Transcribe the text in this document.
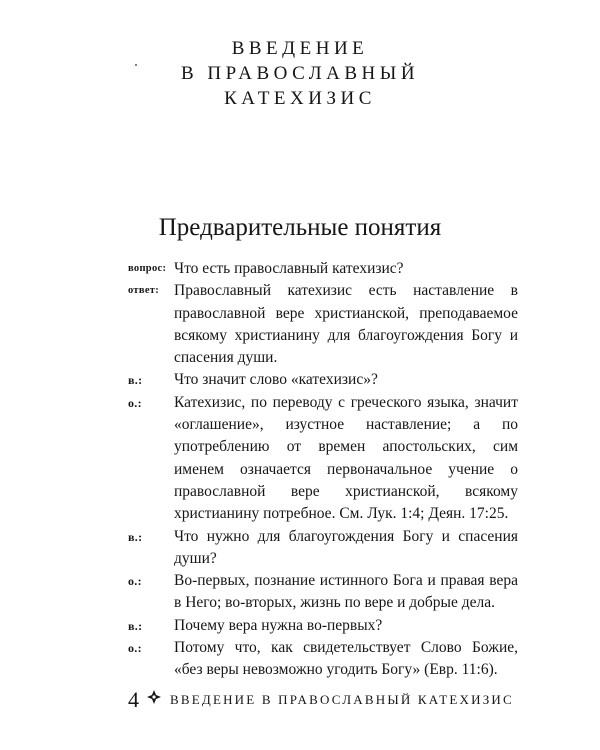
ВВЕДЕНИЕ
В ПРАВОСЛАВНЫЙ
КАТЕХИЗИС
Предварительные понятия
вопрос: Что есть православный катехизис?
ответ: Православный катехизис есть наставление в православной вере христианской, преподаваемое всякому христианину для благоугождения Богу и спасения души.
в.: Что значит слово «катехизис»?
о.: Катехизис, по переводу с греческого языка, значит «оглашение», изустное наставление; а по употреблению от времен апостольских, сим именем означается первоначальное учение о православной вере христианской, всякому христианину потребное. См. Лук. 1:4; Деян. 17:25.
в.: Что нужно для благоугождения Богу и спасения души?
о.: Во-первых, познание истинного Бога и правая вера в Него; во-вторых, жизнь по вере и добрые дела.
в.: Почему вера нужна во-первых?
о.: Потому что, как свидетельствует Слово Божие, «без веры невозможно угодить Богу» (Евр. 11:6).
4 ВВЕДЕНИЕ В ПРАВОСЛАВНЫЙ КАТЕХИЗИС
